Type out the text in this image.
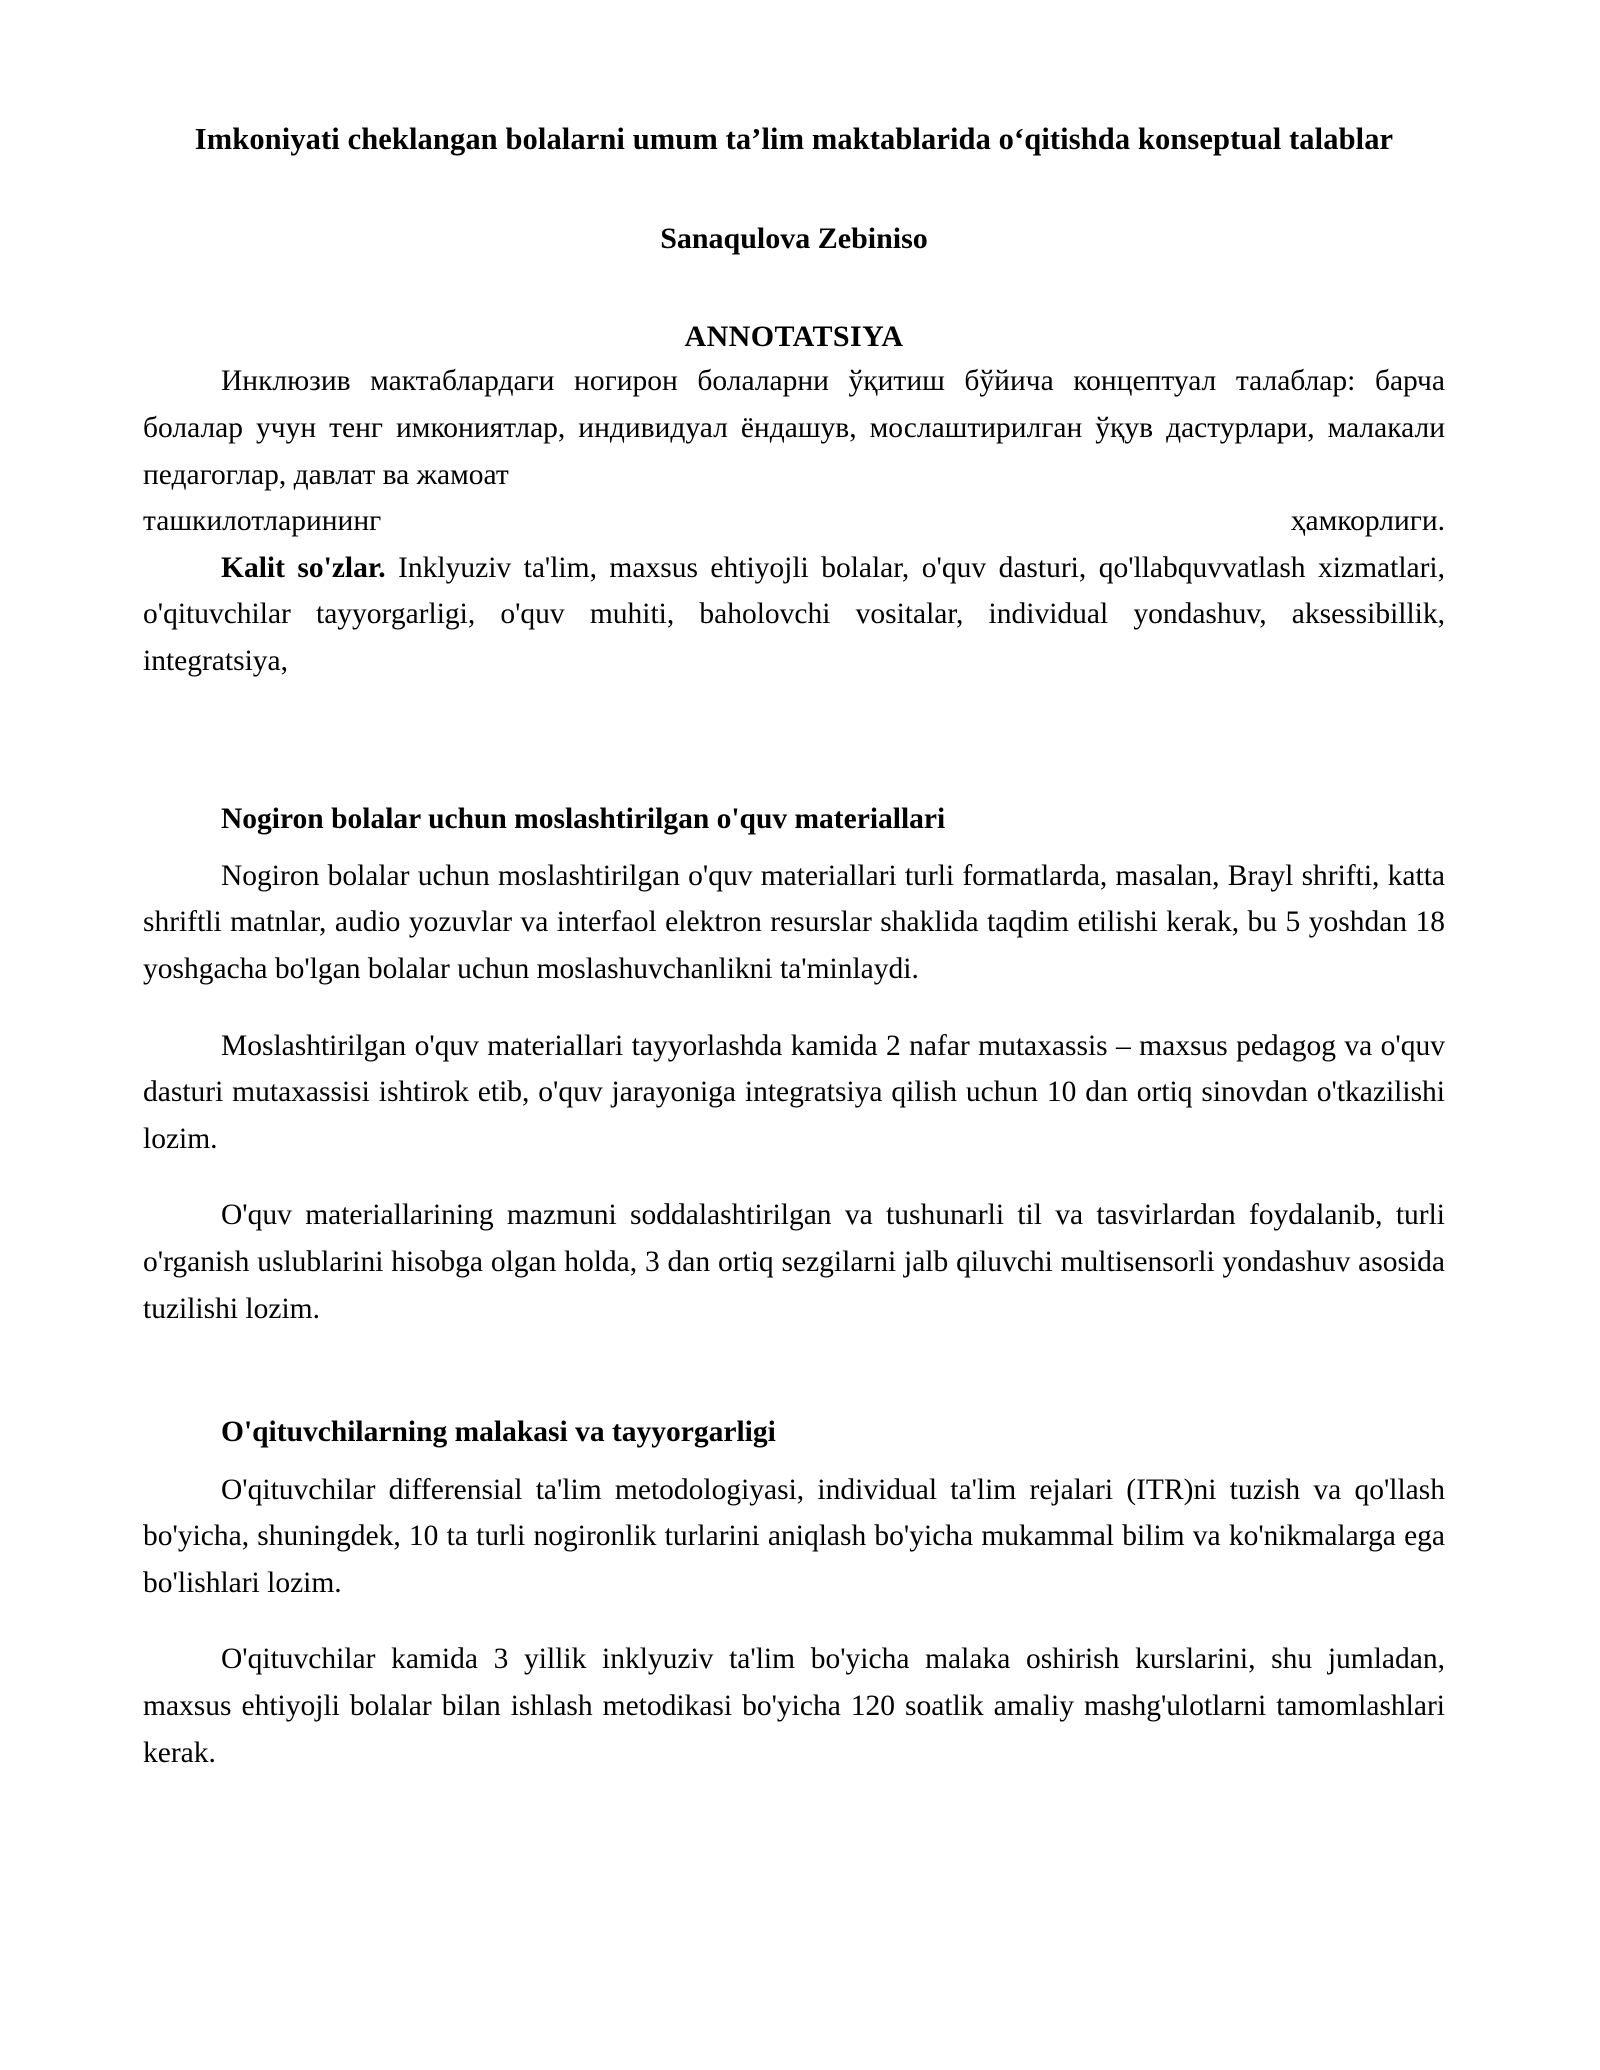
Imkoniyati cheklangan bolalarni umum ta’lim maktablarida o‘qitishda konseptual talablar
Sanaqulova Zebiniso
ANNOTATSIYA

Инклюзив мактаблардаги ногирон болаларни ўқитиш бўйича концептуал талаблар: барча болалар учун тенг имкониятлар, индивидуал ёндашув, мослаштирилган ўқув дастурлари, малакали педагоглар, давлат ва жамоат

ташкилотларининг	ҳамкорлиги.

Kalit so'zlar. Inklyuziv ta'lim, maxsus ehtiyojli bolalar, o'quv dasturi, qo'llabquvvatlash xizmatlari, o'qituvchilar tayyorgarligi, o'quv muhiti, baholovchi vositalar, individual yondashuv, aksessibillik, integratsiya,

Nogiron bolalar uchun moslashtirilgan o'quv materiallari

Nogiron bolalar uchun moslashtirilgan o'quv materiallari turli formatlarda, masalan, Brayl shrifti, katta shriftli matnlar, audio yozuvlar va interfaol elektron resurslar shaklida taqdim etilishi kerak, bu 5 yoshdan 18 yoshgacha bo'lgan bolalar uchun moslashuvchanlikni ta'minlaydi.

Moslashtirilgan o'quv materiallari tayyorlashda kamida 2 nafar mutaxassis – maxsus pedagog va o'quv dasturi mutaxassisi ishtirok etib, o'quv jarayoniga integratsiya qilish uchun 10 dan ortiq sinovdan o'tkazilishi lozim.

O'quv materiallarining mazmuni soddalashtirilgan va tushunarli til va tasvirlardan foydalanib, turli o'rganish uslublarini hisobga olgan holda, 3 dan ortiq sezgilarni jalb qiluvchi multisensorli yondashuv asosida tuzilishi lozim.

O'qituvchilarning malakasi va tayyorgarligi

O'qituvchilar differensial ta'lim metodologiyasi, individual ta'lim rejalari (ITR)ni tuzish va qo'llash bo'yicha, shuningdek, 10 ta turli nogironlik turlarini aniqlash bo'yicha mukammal bilim va ko'nikmalarga ega bo'lishlari lozim.

O'qituvchilar kamida 3 yillik inklyuziv ta'lim bo'yicha malaka oshirish kurslarini, shu jumladan, maxsus ehtiyojli bolalar bilan ishlash metodikasi bo'yicha 120 soatlik amaliy mashg'ulotlarni tamomlashlari kerak.
